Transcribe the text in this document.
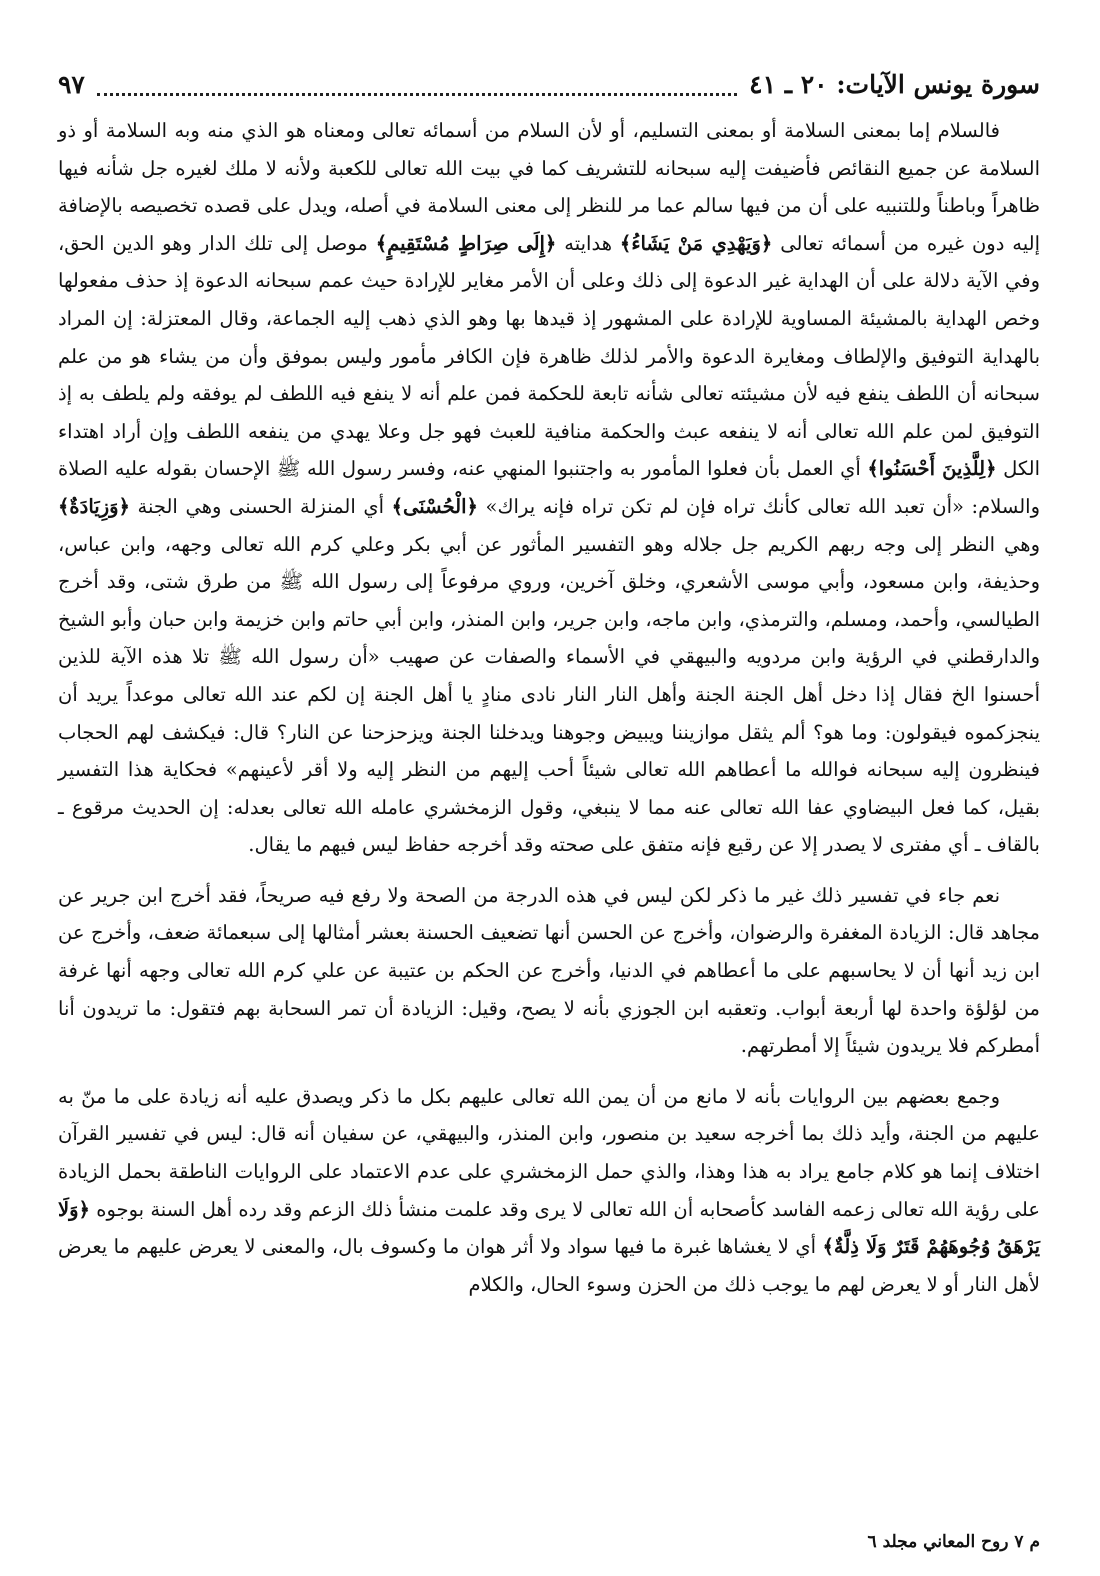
سورة يونس الآيات: ٢٠ ـ ٤١
٩٧

فالسلام إما بمعنى السلامة أو بمعنى التسليم، أو لأن السلام من أسمائه تعالى ومعناه هو الذي منه وبه السلامة أو ذو السلامة عن جميع النقائص فأضيفت إليه سبحانه للتشريف كما في بيت الله تعالى للكعبة ولأنه لا ملك لغيره جل شأنه فيها ظاهراً وباطناً وللتنبيه على أن من فيها سالم عما مر للنظر إلى معنى السلامة في أصله، ويدل على قصده تخصيصه بالإضافة إليه دون غيره من أسمائه تعالى ﴿وَيَهْدِي مَنْ يَشَاءُ﴾ هدايته ﴿إِلَى صِرَاطٍ مُسْتَقِيمٍ﴾ موصل إلى تلك الدار وهو الدين الحق، وفي الآية دلالة على أن الهداية غير الدعوة إلى ذلك وعلى أن الأمر مغاير للإرادة حيث عمم سبحانه الدعوة إذ حذف مفعولها وخص الهداية بالمشيئة المساوية للإرادة على المشهور إذ قيدها بها وهو الذي ذهب إليه الجماعة، وقال المعتزلة: إن المراد بالهداية التوفيق والإلطاف ومغايرة الدعوة والأمر لذلك ظاهرة فإن الكافر مأمور وليس بموفق وأن من يشاء هو من علم سبحانه أن اللطف ينفع فيه لأن مشيئته تعالى شأنه تابعة للحكمة فمن علم أنه لا ينفع فيه اللطف لم يوفقه ولم يلطف به إذ التوفيق لمن علم الله تعالى أنه لا ينفعه عبث والحكمة منافية للعبث فهو جل وعلا يهدي من ينفعه اللطف وإن أراد اهتداء الكل ﴿لِلَّذِينَ أَحْسَنُوا﴾ أي العمل بأن فعلوا المأمور به واجتنبوا المنهي عنه، وفسر رسول الله ﷺ الإحسان بقوله عليه الصلاة والسلام: «أن تعبد الله تعالى كأنك تراه فإن لم تكن تراه فإنه يراك» ﴿الْحُسْنَى﴾ أي المنزلة الحسنى وهي الجنة ﴿وَزِيَادَةٌ﴾ وهي النظر إلى وجه ربهم الكريم جل جلاله وهو التفسير المأثور عن أبي بكر وعلي كرم الله تعالى وجهه، وابن عباس، وحذيفة، وابن مسعود، وأبي موسى الأشعري، وخلق آخرين، وروي مرفوعاً إلى رسول الله ﷺ من طرق شتى، وقد أخرج الطيالسي، وأحمد، ومسلم، والترمذي، وابن ماجه، وابن جرير، وابن المنذر، وابن أبي حاتم وابن خزيمة وابن حبان وأبو الشيخ والدارقطني في الرؤية وابن مردويه والبيهقي في الأسماء والصفات عن صهيب «أن رسول الله ﷺ تلا هذه الآية للذين أحسنوا الخ فقال إذا دخل أهل الجنة الجنة وأهل النار النار نادى منادٍ يا أهل الجنة إن لكم عند الله تعالى موعداً يريد أن ينجزكموه فيقولون: وما هو؟ ألم يثقل موازيننا ويبيض وجوهنا ويدخلنا الجنة ويزحزحنا عن النار؟ قال: فيكشف لهم الحجاب فينظرون إليه سبحانه فوالله ما أعطاهم الله تعالى شيئاً أحب إليهم من النظر إليه ولا أقر لأعينهم» فحكاية هذا التفسير بقيل، كما فعل البيضاوي عفا الله تعالى عنه مما لا ينبغي، وقول الزمخشري عامله الله تعالى بعدله: إن الحديث مرقوع ـ بالقاف ـ أي مفترى لا يصدر إلا عن رقيع فإنه متفق على صحته وقد أخرجه حفاظ ليس فيهم ما يقال.

نعم جاء في تفسير ذلك غير ما ذكر لكن ليس في هذه الدرجة من الصحة ولا رفع فيه صريحاً، فقد أخرج ابن جرير عن مجاهد قال: الزيادة المغفرة والرضوان، وأخرج عن الحسن أنها تضعيف الحسنة بعشر أمثالها إلى سبعمائة ضعف، وأخرج عن ابن زيد أنها أن لا يحاسبهم على ما أعطاهم في الدنيا، وأخرج عن الحكم بن عتيبة عن علي كرم الله تعالى وجهه أنها غرفة من لؤلؤة واحدة لها أربعة أبواب. وتعقبه ابن الجوزي بأنه لا يصح، وقيل: الزيادة أن تمر السحابة بهم فتقول: ما تريدون أنا أمطركم فلا يريدون شيئاً إلا أمطرتهم.

وجمع بعضهم بين الروايات بأنه لا مانع من أن يمن الله تعالى عليهم بكل ما ذكر ويصدق عليه أنه زيادة على ما منّ به عليهم من الجنة، وأيد ذلك بما أخرجه سعيد بن منصور، وابن المنذر، والبيهقي، عن سفيان أنه قال: ليس في تفسير القرآن اختلاف إنما هو كلام جامع يراد به هذا وهذا، والذي حمل الزمخشري على عدم الاعتماد على الروايات الناطقة بحمل الزيادة على رؤية الله تعالى زعمه الفاسد كأصحابه أن الله تعالى لا يرى وقد علمت منشأ ذلك الزعم وقد رده أهل السنة بوجوه ﴿وَلَا يَرْهَقُ وُجُوهَهُمْ قَتَرٌ وَلَا ذِلَّةٌ﴾ أي لا يغشاها غبرة ما فيها سواد ولا أثر هوان ما وكسوف بال، والمعنى لا يعرض عليهم ما يعرض لأهل النار أو لا يعرض لهم ما يوجب ذلك من الحزن وسوء الحال، والكلام

م ٧ روح المعاني مجلد ٦
